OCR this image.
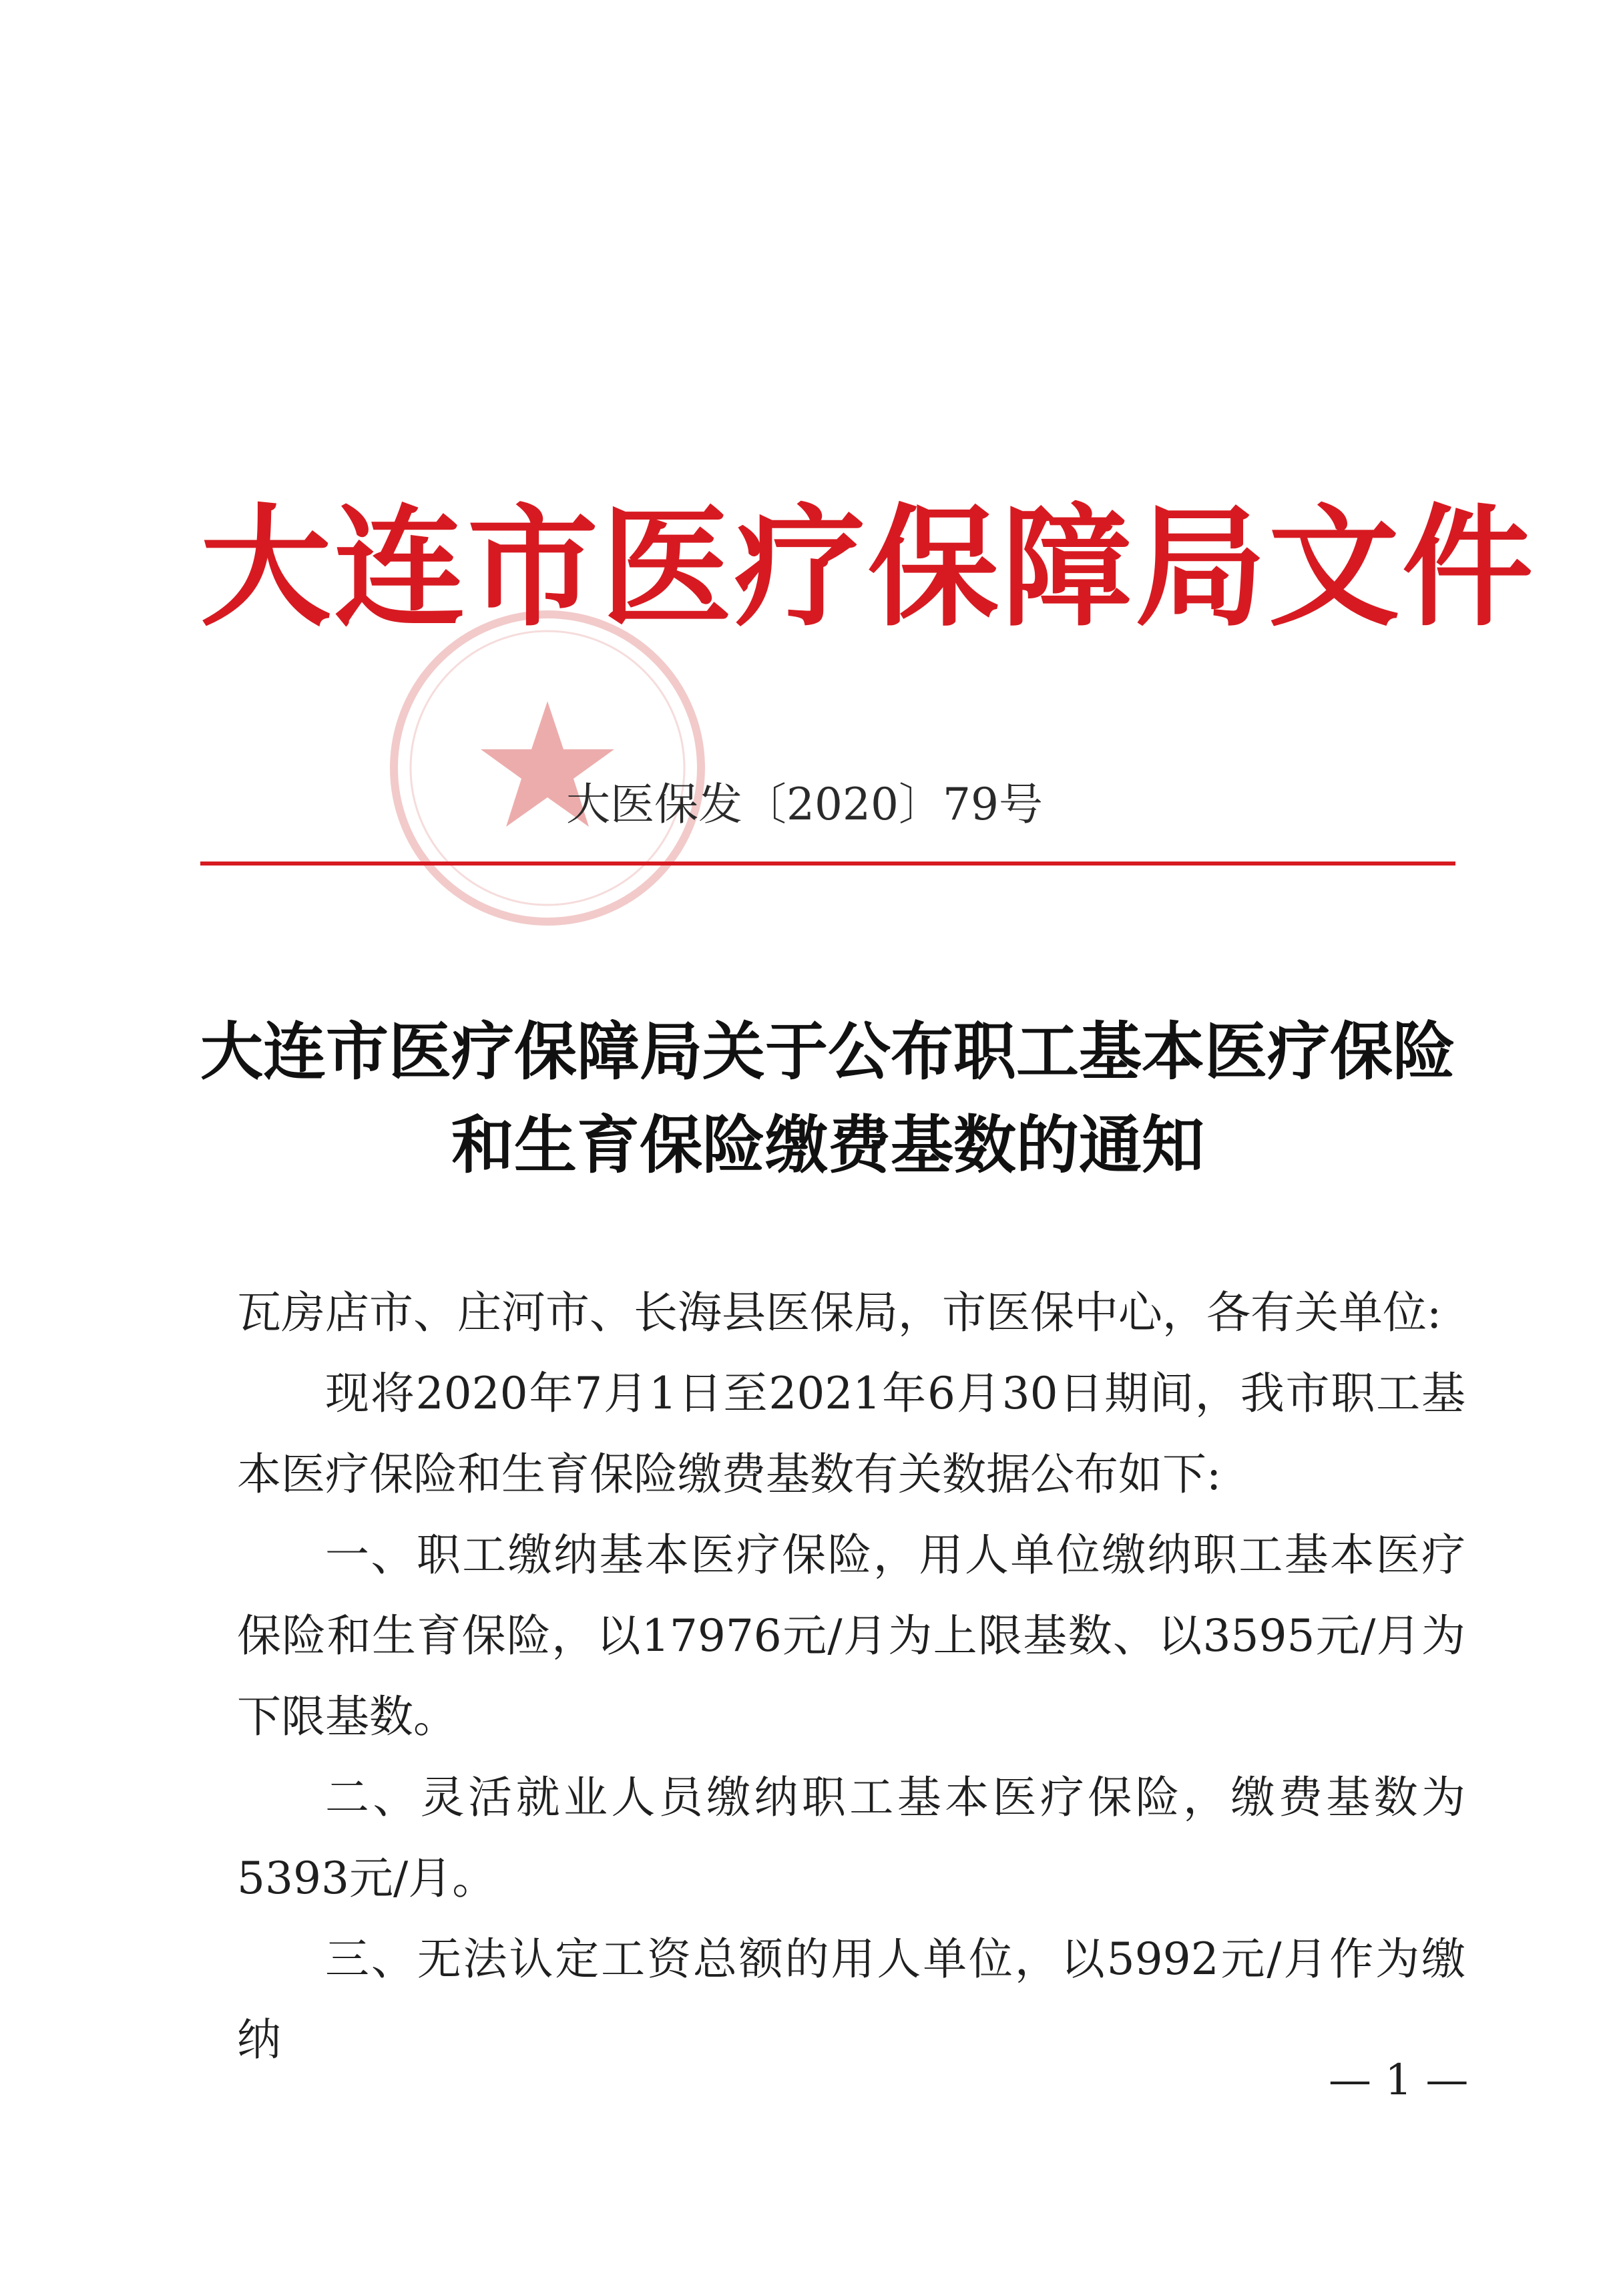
大连市医疗保障局文件
大医保发〔2020〕79号
大连市医疗保障局关于公布职工基本医疗保险
和生育保险缴费基数的通知

瓦房店市、庄河市、长海县医保局，市医保中心，各有关单位:

现将2020年7月1日至2021年6月30日期间，我市职工基本医疗保险和生育保险缴费基数有关数据公布如下:

一、职工缴纳基本医疗保险，用人单位缴纳职工基本医疗保险和生育保险，以17976元/月为上限基数、以3595元/月为下限基数。

二、灵活就业人员缴纳职工基本医疗保险，缴费基数为5393元/月。

三、无法认定工资总额的用人单位，以5992元/月作为缴纳

— 1 —
